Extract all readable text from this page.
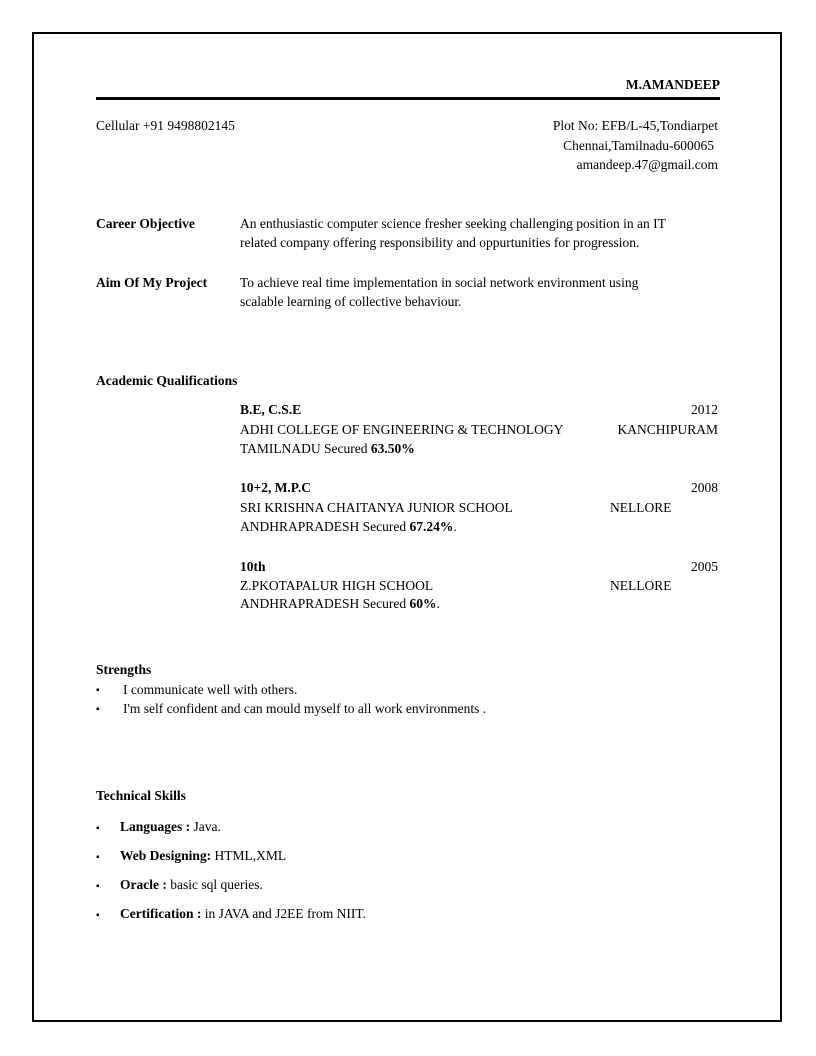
M.AMANDEEP
Cellular +91 9498802145	Plot No: EFB/L-45,Tondiarpet
Chennai,Tamilnadu-600065
amandeep.47@gmail.com
Career Objective	An enthusiastic computer science fresher seeking challenging position in an IT
related company offering responsibility and oppurtunities for progression.
Aim Of My Project To achieve real time implementation in social network environment using
scalable learning of collective behaviour.
Academic Qualifications
B.E, C.S.E	2012
ADHI COLLEGE OF ENGINEERING & TECHNOLOGY	KANCHIPURAM
TAMILNADU Secured 63.50%
10+2, M.P.C	2008
SRI KRISHNA CHAITANYA JUNIOR SCHOOL	NELLORE
ANDHRAPRADESH Secured 67.24%.
10th	2005
Z.PKOTAPALUR HIGH SCHOOL	NELLORE
ANDHRAPRADESH Secured 60%.
Strengths
▪ I communicate well with others.
▪ I'm self confident and can mould myself to all work environments .
Technical Skills
▪ Languages : Java.
▪ Web Designing: HTML,XML
▪ Oracle : basic sql queries.
▪ Certification : in JAVA and J2EE from NIIT.
